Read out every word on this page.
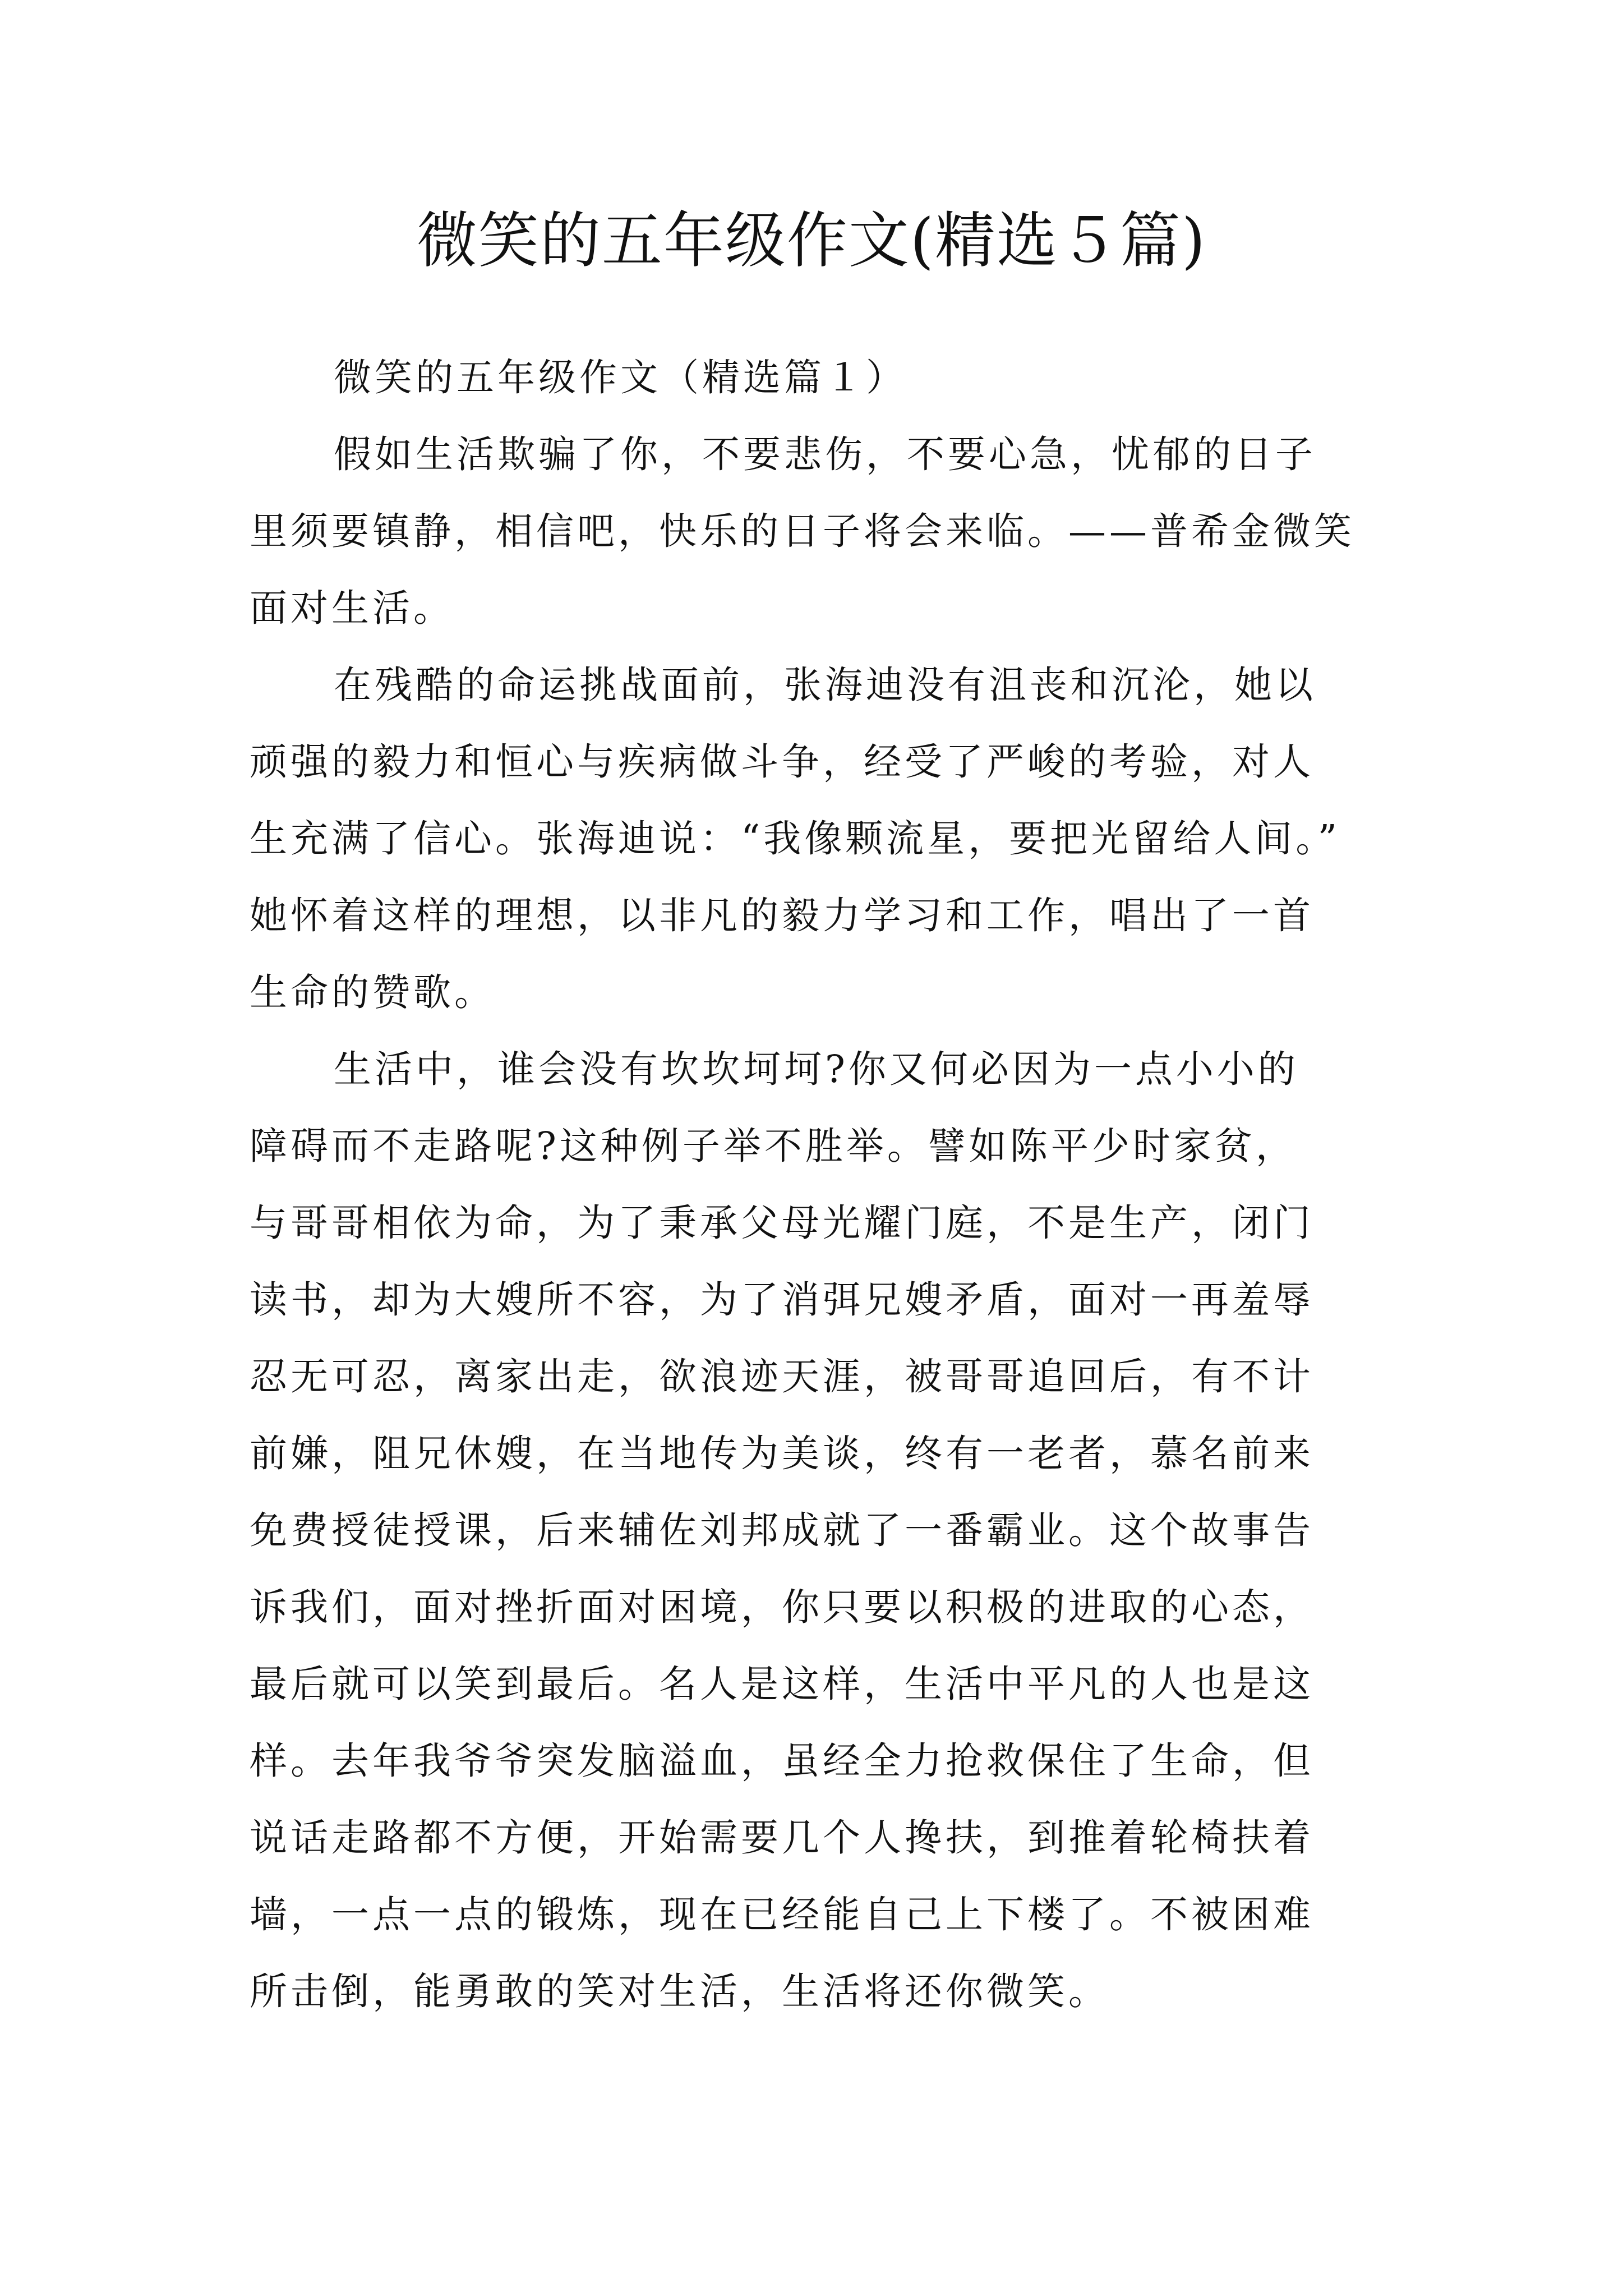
微笑的五年级作文(精选５篇)

微笑的五年级作文（精选篇１）

假如生活欺骗了你，不要悲伤，不要心急，忧郁的日子

里须要镇静，相信吧，快乐的日子将会来临。——普希金微笑

面对生活。

在残酷的命运挑战面前，张海迪没有沮丧和沉沦，她以

顽强的毅力和恒心与疾病做斗争，经受了严峻的考验，对人

生充满了信心。张海迪说：“我像颗流星，要把光留给人间。”

她怀着这样的理想，以非凡的毅力学习和工作，唱出了一首

生命的赞歌。

生活中，谁会没有坎坎坷坷?你又何必因为一点小小的

障碍而不走路呢?这种例子举不胜举。譬如陈平少时家贫，

与哥哥相依为命，为了秉承父母光耀门庭，不是生产，闭门

读书，却为大嫂所不容，为了消弭兄嫂矛盾，面对一再羞辱

忍无可忍，离家出走，欲浪迹天涯，被哥哥追回后，有不计

前嫌，阻兄休嫂，在当地传为美谈，终有一老者，慕名前来

免费授徒授课，后来辅佐刘邦成就了一番霸业。这个故事告

诉我们，面对挫折面对困境，你只要以积极的进取的心态，

最后就可以笑到最后。名人是这样，生活中平凡的人也是这

样。去年我爷爷突发脑溢血，虽经全力抢救保住了生命，但

说话走路都不方便，开始需要几个人搀扶，到推着轮椅扶着

墙，一点一点的锻炼，现在已经能自己上下楼了。不被困难

所击倒，能勇敢的笑对生活，生活将还你微笑。
